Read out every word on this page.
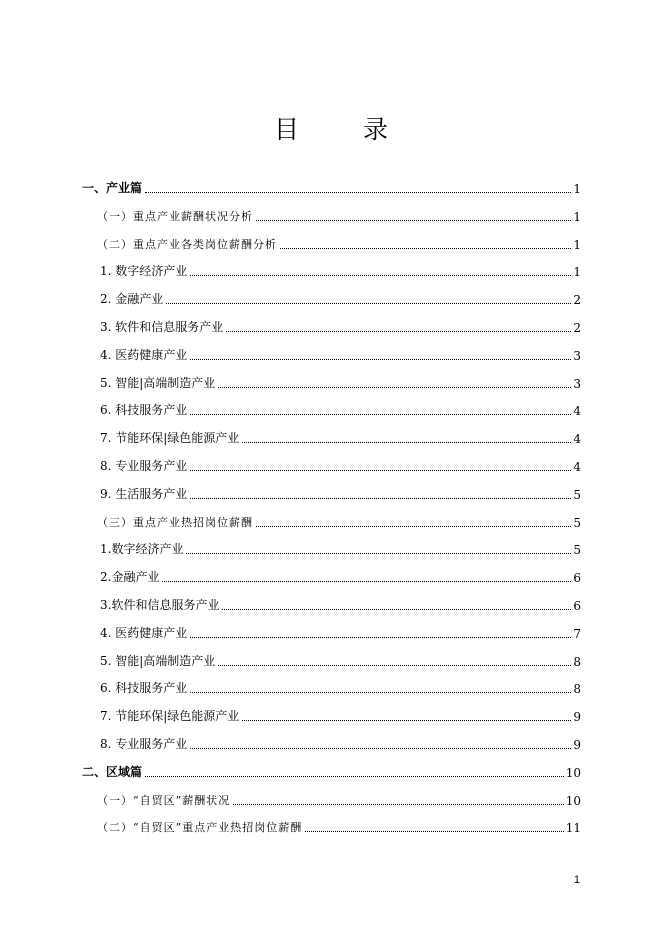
目 录
一、产业篇	1
（一）重点产业薪酬状况分析	1
（二）重点产业各类岗位薪酬分析	1
1. 数字经济产业	1
2. 金融产业	2
3. 软件和信息服务产业	2
4. 医药健康产业	3
5. 智能|高端制造产业	3
6. 科技服务产业	4
7. 节能环保|绿色能源产业	4
8. 专业服务产业	4
9. 生活服务产业	5
（三）重点产业热招岗位薪酬	5
1.数字经济产业	5
2.金融产业	6
3.软件和信息服务产业	6
4. 医药健康产业	7
5. 智能|高端制造产业	8
6. 科技服务产业	8
7. 节能环保|绿色能源产业	9
8. 专业服务产业	9
二、区域篇	10
（一）“自贸区”薪酬状况	10
（二）“自贸区”重点产业热招岗位薪酬	11
1
